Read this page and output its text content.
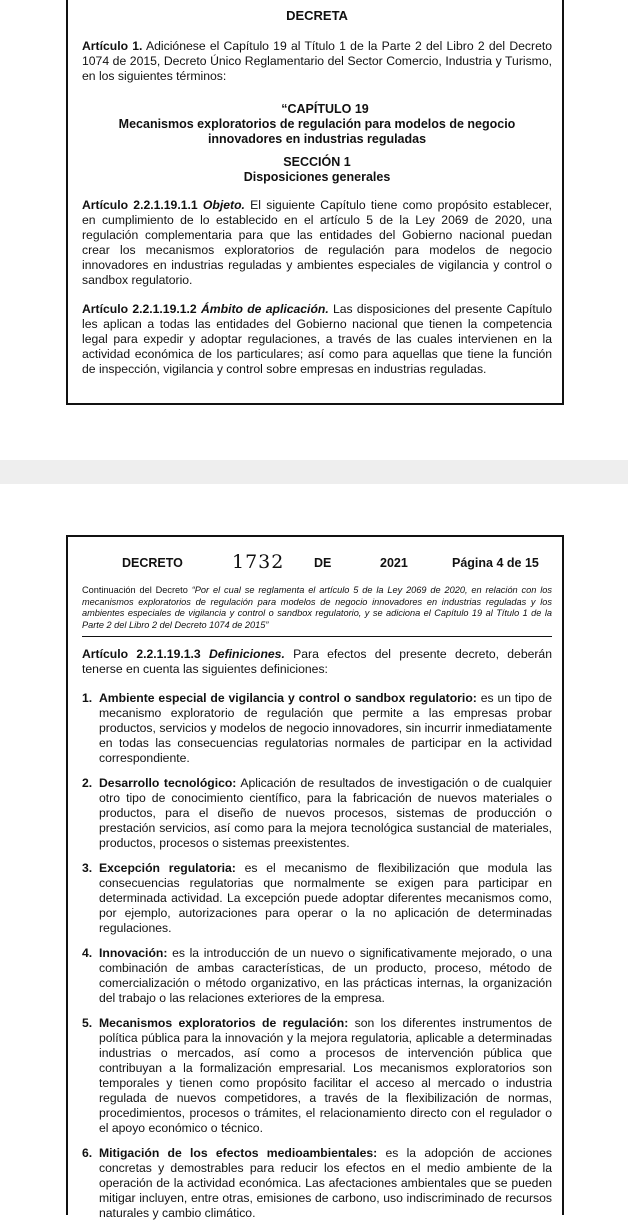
DECRETA

Artículo 1. Adiciónese el Capítulo 19 al Título 1 de la Parte 2 del Libro 2 del Decreto 1074 de 2015, Decreto Único Reglamentario del Sector Comercio, Industria y Turismo, en los siguientes términos:

“CAPÍTULO 19

Mecanismos exploratorios de regulación para modelos de negocio innovadores en industrias reguladas

SECCIÓN 1

Disposiciones generales

Artículo 2.2.1.19.1.1 Objeto. El siguiente Capítulo tiene como propósito establecer, en cumplimiento de lo establecido en el artículo 5 de la Ley 2069 de 2020, una regulación complementaria para que las entidades del Gobierno nacional puedan crear los mecanismos exploratorios de regulación para modelos de negocio innovadores en industrias reguladas y ambientes especiales de vigilancia y control o sandbox regulatorio.

Artículo 2.2.1.19.1.2 Ámbito de aplicación. Las disposiciones del presente Capítulo les aplican a todas las entidades del Gobierno nacional que tienen la competencia legal para expedir y adoptar regulaciones, a través de las cuales intervienen en la actividad económica de los particulares; así como para aquellas que tiene la función de inspección, vigilancia y control sobre empresas en industrias reguladas.

DECRETO	1732 DE	2021	Página 4 de 15

Continuación del Decreto “Por el cual se reglamenta el artículo 5 de la Ley 2069 de 2020, en relación con los mecanismos exploratorios de regulación para modelos de negocio innovadores en industrias reguladas y los ambientes especiales de vigilancia y control o sandbox regulatorio, y se adiciona el Capítulo 19 al Título 1 de la Parte 2 del Libro 2 del Decreto 1074 de 2015”

Artículo 2.2.1.19.1.3 Definiciones. Para efectos del presente decreto, deberán tenerse en cuenta las siguientes definiciones:

1. Ambiente especial de vigilancia y control o sandbox regulatorio: es un tipo de mecanismo exploratorio de regulación que permite a las empresas probar productos, servicios y modelos de negocio innovadores, sin incurrir inmediatamente en todas las consecuencias regulatorias normales de participar en la actividad correspondiente.
2. Desarrollo tecnológico: Aplicación de resultados de investigación o de cualquier otro tipo de conocimiento científico, para la fabricación de nuevos materiales o productos, para el diseño de nuevos procesos, sistemas de producción o prestación servicios, así como para la mejora tecnológica sustancial de materiales, productos, procesos o sistemas preexistentes.
3. Excepción regulatoria: es el mecanismo de flexibilización que modula las consecuencias regulatorias que normalmente se exigen para participar en determinada actividad. La excepción puede adoptar diferentes mecanismos como, por ejemplo, autorizaciones para operar o la no aplicación de determinadas regulaciones.
4. Innovación: es la introducción de un nuevo o significativamente mejorado, o una combinación de ambas características, de un producto, proceso, método de comercialización o método organizativo, en las prácticas internas, la organización del trabajo o las relaciones exteriores de la empresa.
5. Mecanismos exploratorios de regulación: son los diferentes instrumentos de política pública para la innovación y la mejora regulatoria, aplicable a determinadas industrias o mercados, así como a procesos de intervención pública que contribuyan a la formalización empresarial. Los mecanismos exploratorios son temporales y tienen como propósito facilitar el acceso al mercado o industria regulada de nuevos competidores, a través de la flexibilización de normas, procedimientos, procesos o trámites, el relacionamiento directo con el regulador o el apoyo económico o técnico.
6. Mitigación de los efectos medioambientales: es la adopción de acciones concretas y demostrables para reducir los efectos en el medio ambiente de la operación de la actividad económica. Las afectaciones ambientales que se pueden mitigar incluyen, entre otras, emisiones de carbono, uso indiscriminado de recursos naturales y cambio climático.
